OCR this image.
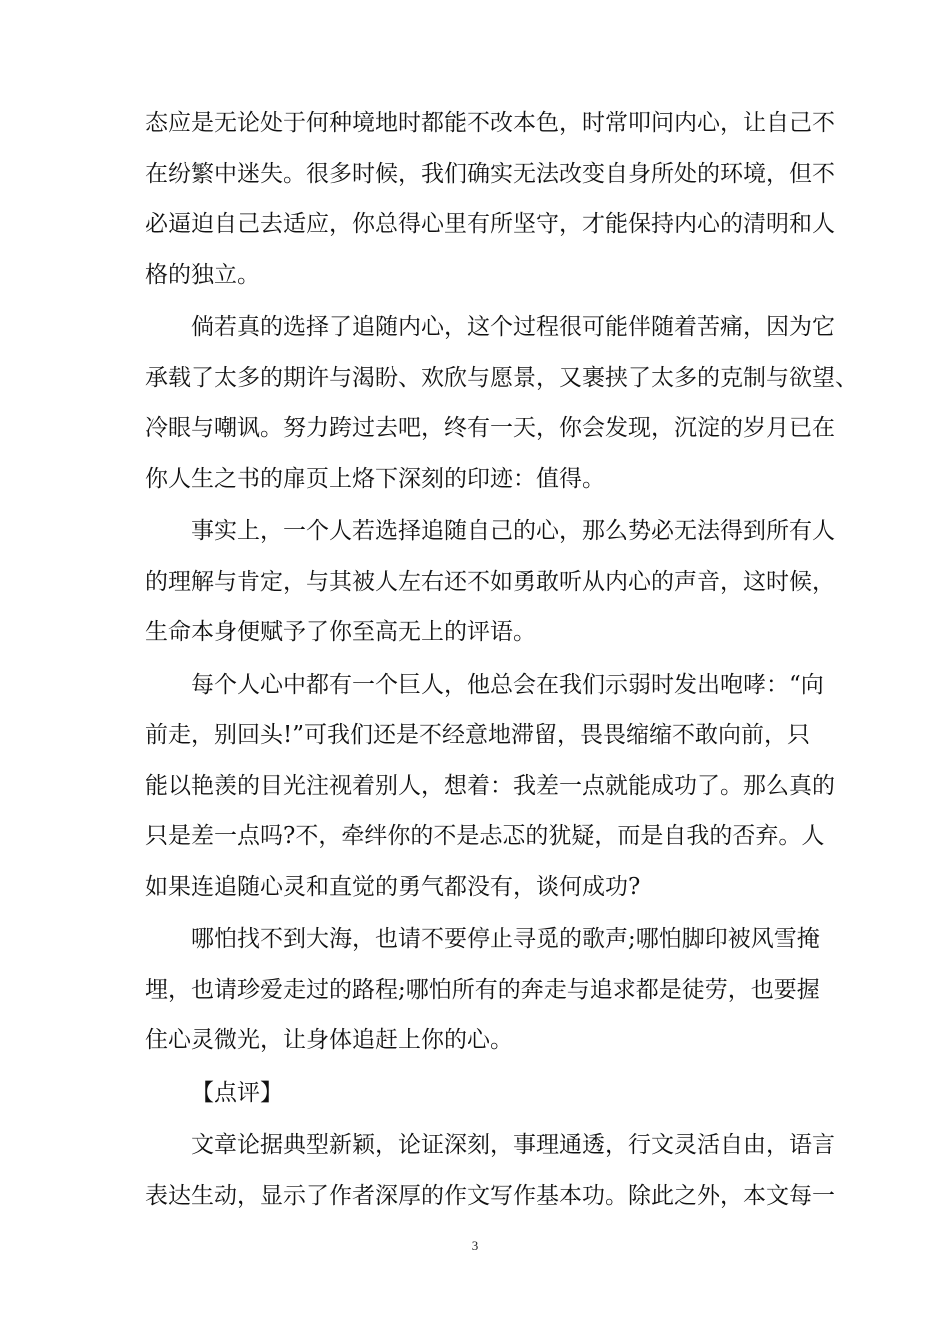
态应是无论处于何种境地时都能不改本色，时常叩问内心，让自己不
在纷繁中迷失。很多时候，我们确实无法改变自身所处的环境，但不
必逼迫自己去适应，你总得心里有所坚守，才能保持内心的清明和人
格的独立。
倘若真的选择了追随内心，这个过程很可能伴随着苦痛，因为它
承载了太多的期许与渴盼、欢欣与愿景，又裹挟了太多的克制与欲望、
冷眼与嘲讽。努力跨过去吧，终有一天，你会发现，沉淀的岁月已在
你人生之书的扉页上烙下深刻的印迹：值得。
事实上，一个人若选择追随自己的心，那么势必无法得到所有人
的理解与肯定，与其被人左右还不如勇敢听从内心的声音，这时候，
生命本身便赋予了你至高无上的评语。
每个人心中都有一个巨人，他总会在我们示弱时发出咆哮：“向
前走，别回头!”可我们还是不经意地滞留，畏畏缩缩不敢向前，只
能以艳羡的目光注视着别人，想着：我差一点就能成功了。那么真的
只是差一点吗?不，牵绊你的不是忐忑的犹疑，而是自我的否弃。人
如果连追随心灵和直觉的勇气都没有，谈何成功?
哪怕找不到大海，也请不要停止寻觅的歌声;哪怕脚印被风雪掩
埋，也请珍爱走过的路程;哪怕所有的奔走与追求都是徒劳，也要握
住心灵微光，让身体追赶上你的心。
【点评】
文章论据典型新颖，论证深刻，事理通透，行文灵活自由，语言
表达生动，显示了作者深厚的作文写作基本功。除此之外，本文每一
3
